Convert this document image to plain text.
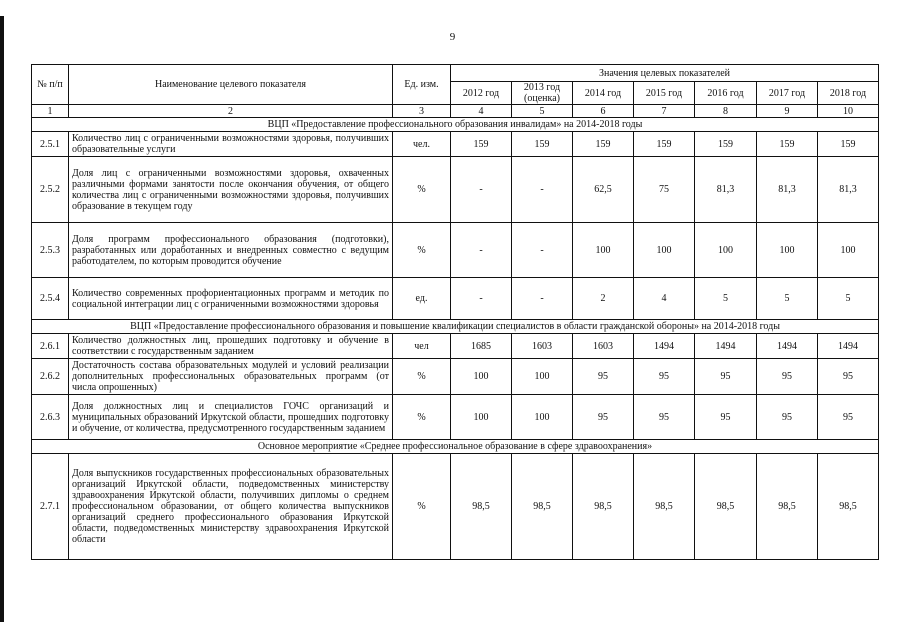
9
№ п/п	Наименование целевого показателя	Ед. изм.	Значения целевых показателей						
			2012 год	2013 год (оценка)	2014 год	2015 год	2016 год	2017 год	2018 год
1	2	3	4	5	6	7	8	9	10
ВЦП «Предоставление профессионального образования инвалидам» на 2014-2018 годы									
2.5.1	Количество лиц с ограниченными возможностями здоровья, получивших образовательные услуги	чел.	159	159	159	159	159	159	159
2.5.2	Доля лиц с ограниченными возможностями здоровья, охваченных различными формами занятости после окончания обучения, от общего количества лиц с ограниченными возможностями здоровья, получивших образование в текущем году	%	-	-	62,5	75	81,3	81,3	81,3
2.5.3	Доля программ профессионального образования (подготовки), разработанных или доработанных и внедренных совместно с ведущим работодателем, по которым проводится обучение	%	-	-	100	100	100	100	100
2.5.4	Количество современных профориентационных программ и методик по социальной интеграции лиц с ограниченными возможностями здоровья	ед.	-	-	2	4	5	5	5
ВЦП «Предоставление профессионального образования и повышение квалификации специалистов в области гражданской обороны» на 2014-2018 годы									
2.6.1	Количество должностных лиц, прошедших подготовку и обучение в соответствии с государственным заданием	чел	1685	1603	1603	1494	1494	1494	1494
2.6.2	Достаточность состава образовательных модулей и условий реализации дополнительных профессиональных образовательных программ (от числа опрошенных)	%	100	100	95	95	95	95	95
2.6.3	Доля должностных лиц и специалистов ГОЧС организаций и муниципальных образований Иркутской области, прошедших подготовку и обучение, от количества, предусмотренного государственным заданием	%	100	100	95	95	95	95	95
Основное мероприятие «Среднее профессиональное образование в сфере здравоохранения»									
2.7.1	Доля выпускников государственных профессиональных образовательных организаций Иркутской области, подведомственных министерству здравоохранения Иркутской области, получивших дипломы о среднем профессиональном образовании, от общего количества выпускников организаций среднего профессионального образования Иркутской области, подведомственных министерству здравоохранения Иркутской области	%	98,5	98,5	98,5	98,5	98,5	98,5	98,5
